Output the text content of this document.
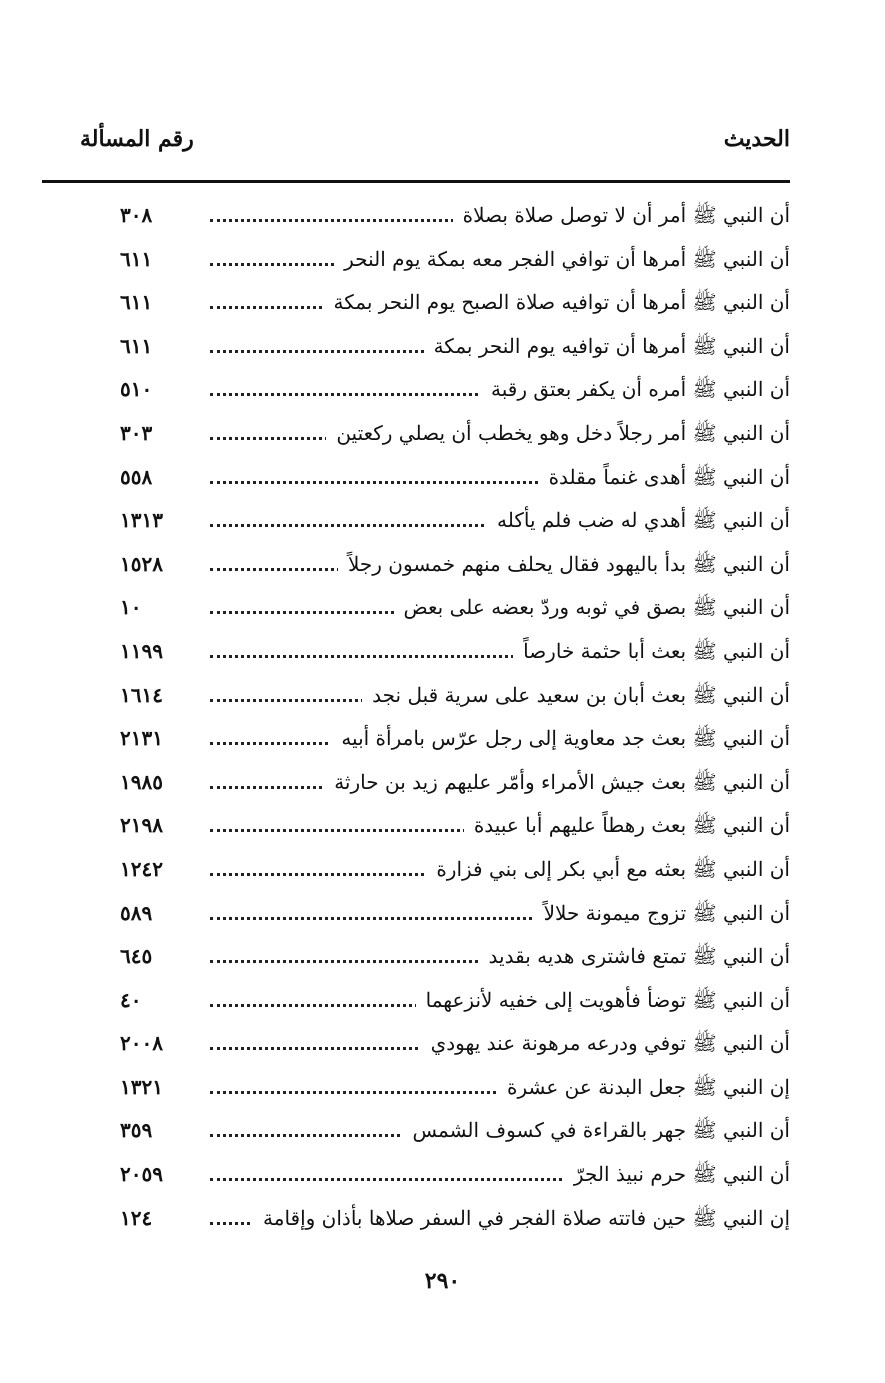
الحديث
رقم المسألة
أن النبي ﷺ أمر أن لا توصل صلاة بصلاة
٣٠٨
أن النبي ﷺ أمرها أن توافي الفجر معه بمكة يوم النحر
٦١١
أن النبي ﷺ أمرها أن توافيه صلاة الصبح يوم النحر بمكة
٦١١
أن النبي ﷺ أمرها أن توافيه يوم النحر بمكة
٦١١
أن النبي ﷺ أمره أن يكفر بعتق رقبة
٥١٠
أن النبي ﷺ أمر رجلاً دخل وهو يخطب أن يصلي ركعتين
٣٠٣
أن النبي ﷺ أهدى غنماً مقلدة
٥٥٨
أن النبي ﷺ أهدي له ضب فلم يأكله
١٣١٣
أن النبي ﷺ بدأ باليهود فقال يحلف منهم خمسون رجلاً
١٥٢٨
أن النبي ﷺ بصق في ثوبه وردّ بعضه على بعض
١٠
أن النبي ﷺ بعث أبا حثمة خارصاً
١١٩٩
أن النبي ﷺ بعث أبان بن سعيد على سرية قبل نجد
١٦١٤
أن النبي ﷺ بعث جد معاوية إلى رجل عرّس بامرأة أبيه
٢١٣١
أن النبي ﷺ بعث جيش الأمراء وأمّر عليهم زيد بن حارثة
١٩٨٥
أن النبي ﷺ بعث رهطاً عليهم أبا عبيدة
٢١٩٨
أن النبي ﷺ بعثه مع أبي بكر إلى بني فزارة
١٢٤٢
أن النبي ﷺ تزوج ميمونة حلالاً
٥٨٩
أن النبي ﷺ تمتع فاشترى هديه بقديد
٦٤٥
أن النبي ﷺ توضأ فأهويت إلى خفيه لأنزعهما
٤٠
أن النبي ﷺ توفي ودرعه مرهونة عند يهودي
٢٠٠٨
إن النبي ﷺ جعل البدنة عن عشرة
١٣٢١
أن النبي ﷺ جهر بالقراءة في كسوف الشمس
٣٥٩
أن النبي ﷺ حرم نبيذ الجرّ
٢٠٥٩
إن النبي ﷺ حين فاتته صلاة الفجر في السفر صلاها بأذان وإقامة
١٢٤
٢٩٠
